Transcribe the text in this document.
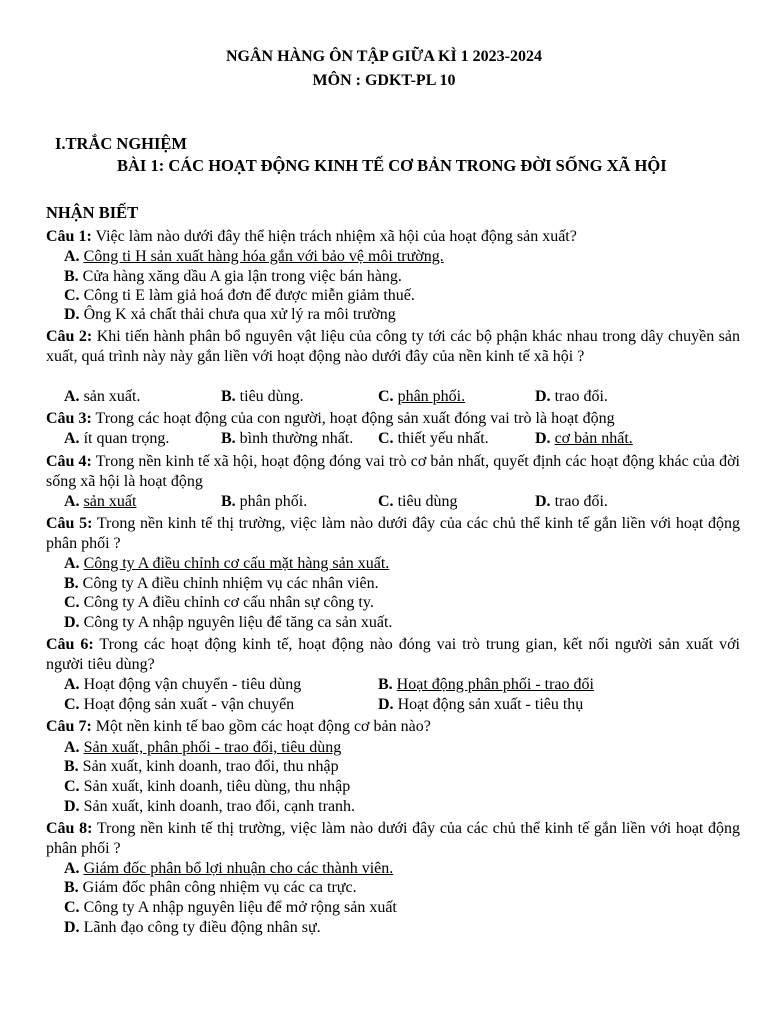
NGÂN HÀNG ÔN TẬP GIỮA KÌ 1 2023-2024
MÔN : GDKT-PL 10
I.TRẮC NGHIỆM
BÀI 1: CÁC HOẠT ĐỘNG KINH TẾ CƠ BẢN TRONG ĐỜI SỐNG XÃ HỘI
NHẬN BIẾT
Câu 1: Việc làm nào dưới đây thể hiện trách nhiệm xã hội của hoạt động sản xuất?
A. Công ti H sản xuất hàng hóa gắn với bảo vệ môi trường.
B. Cửa hàng xăng dầu A gia lận trong việc bán hàng.
C. Công ti E làm giả hoá đơn để được miễn giảm thuế.
D. Ông K xả chất thải chưa qua xử lý ra môi trường
Câu 2: Khi tiến hành phân bổ nguyên vật liệu của công ty tới các bộ phận khác nhau trong dây chuyền sản xuất, quá trình này này gắn liền với hoạt động nào dưới đây của nền kinh tế xã hội ?
A. sản xuất.	B. tiêu dùng.	C. phân phối.	D. trao đổi.
Câu 3: Trong các hoạt động của con người, hoạt động sản xuất đóng vai trò là hoạt động
A. ít quan trọng.	B. bình thường nhất. C. thiết yếu nhất.	D. cơ bản nhất.
Câu 4: Trong nền kinh tế xã hội, hoạt động đóng vai trò cơ bản nhất, quyết định các hoạt động khác của đời sống xã hội là hoạt động
A. sản xuất	B. phân phối.	C. tiêu dùng	D. trao đổi.
Câu 5: Trong nền kinh tế thị trường, việc làm nào dưới đây của các chủ thể kinh tế gắn liền với hoạt động phân phối ?
A. Công ty A điều chỉnh cơ cấu mặt hàng sản xuất.
B. Công ty A điều chỉnh nhiệm vụ các nhân viên.
C. Công ty A điều chỉnh cơ cấu nhân sự công ty.
D. Công ty A nhập nguyên liệu để tăng ca sản xuất.
Câu 6: Trong các hoạt động kinh tế, hoạt động nào đóng vai trò trung gian, kết nối người sản xuất với người tiêu dùng?
A. Hoạt động vận chuyển - tiêu dùng	B. Hoạt động phân phối - trao đổi
C. Hoạt động sản xuất - vận chuyển	D. Hoạt động sản xuất - tiêu thụ
Câu 7: Một nền kinh tế bao gồm các hoạt động cơ bản nào?
A. Sản xuất, phân phối - trao đổi, tiêu dùng
B. Sản xuất, kinh doanh, trao đổi, thu nhập
C. Sản xuất, kinh doanh, tiêu dùng, thu nhập
D. Sản xuất, kinh doanh, trao đổi, cạnh tranh.
Câu 8: Trong nền kinh tế thị trường, việc làm nào dưới đây của các chủ thể kinh tế gắn liền với hoạt động phân phối ?
A. Giám đốc phân bổ lợi nhuận cho các thành viên.
B. Giám đốc phân công nhiệm vụ các ca trực.
C. Công ty A nhập nguyên liệu để mở rộng sản xuất
D. Lãnh đạo công ty điều động nhân sự.
